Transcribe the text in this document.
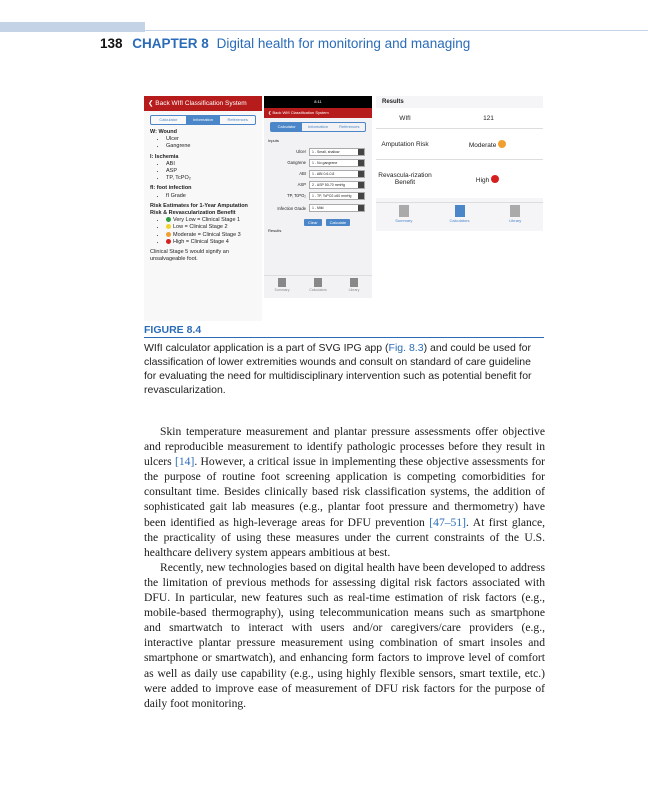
138 CHAPTER 8 Digital health for monitoring and managing
❮ Back WIfI Classification System
Calculator	Information	References
W: Wound
• Ulcer
• Gangrene
I: Ischemia
• ABI
• ASP
• TP, TcPO₂
fI: foot infection
• fI Grade
Risk Estimates for 1-Year Amputation Risk & Revascularization Benefit
• Very Low = Clinical Stage 1
• Low = Clinical Stage 2
• Moderate = Clinical Stage 3
• High = Clinical Stage 4
Clinical Stage 5 would signify an unsalvageable foot.
8:11
❮ Back WIfI Classification System
Calculator	Information	References
Inputs
Ulcer	1 - Small, shallow
Gangrene	1 - No gangrene
ABI	1 - ABI 0.6-0.8
ASP	2 - ASP 50-70 mmHg
TP, TcPO₂	1 - TP, TcPO2 ≥60 mmHg
Infection Grade	1 - Mild
Clear	Calculate
Results
Summary	Calculators	Library
Results
WIfI	121
Amputation Risk	Moderate
Revascula-rization Benefit	High
Summary	Calculators	Library
FIGURE 8.4
WIfI calculator application is a part of SVG IPG app (Fig. 8.3) and could be used for classification of lower extremities wounds and consult on standard of care guideline for evaluating the need for multidisciplinary intervention such as potential benefit for revascularization.

Skin temperature measurement and plantar pressure assessments offer objective and reproducible measurement to identify pathologic processes before they result in ulcers [14]. However, a critical issue in implementing these objective assessments for the purpose of routine foot screening application is competing comorbidities for consultant time. Besides clinically based risk classification systems, the addition of sophisticated gait lab measures (e.g., plantar foot pressure and thermometry) have been identified as high-leverage areas for DFU prevention [47–51]. At first glance, the practicality of using these measures under the current constraints of the U.S. healthcare delivery system appears ambitious at best.

Recently, new technologies based on digital health have been developed to address the limitation of previous methods for assessing digital risk factors associated with DFU. In particular, new features such as real-time estimation of risk factors (e.g., mobile-based thermography), using telecommunication means such as smartphone and smartwatch to interact with users and/or caregivers/care providers (e.g., interactive plantar pressure measurement using combination of smart insoles and smartphone or smartwatch), and enhancing form factors to improve level of comfort as well as daily use capability (e.g., using highly flexible sensors, smart textile, etc.) were added to improve ease of measurement of DFU risk factors for the purpose of daily foot monitoring.
